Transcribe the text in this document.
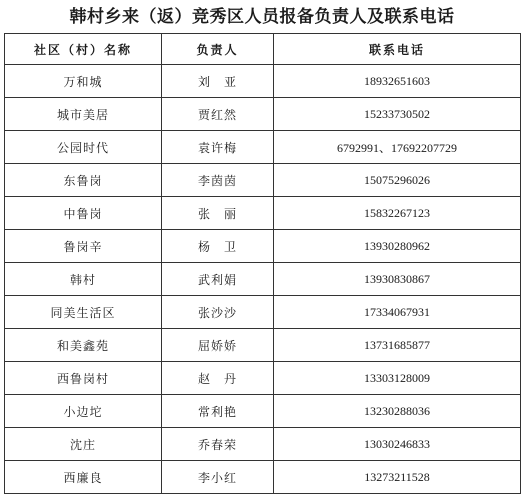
韩村乡来（返）竞秀区人员报备负责人及联系电话
社区（村）名称	负责人	联系电话
万和城	刘　亚	18932651603
城市美居	贾红然	15233730502
公园时代	袁许梅	6792991、17692207729
东鲁岗	李茵茵	15075296026
中鲁岗	张　丽	15832267123
鲁岗辛	杨　卫	13930280962
韩村	武利娟	13930830867
同美生活区	张沙沙	17334067931
和美鑫苑	屈娇娇	13731685877
西鲁岗村	赵　丹	13303128009
小边坨	常利艳	13230288036
沈庄	乔春荣	13030246833
西廉良	李小红	13273211528
